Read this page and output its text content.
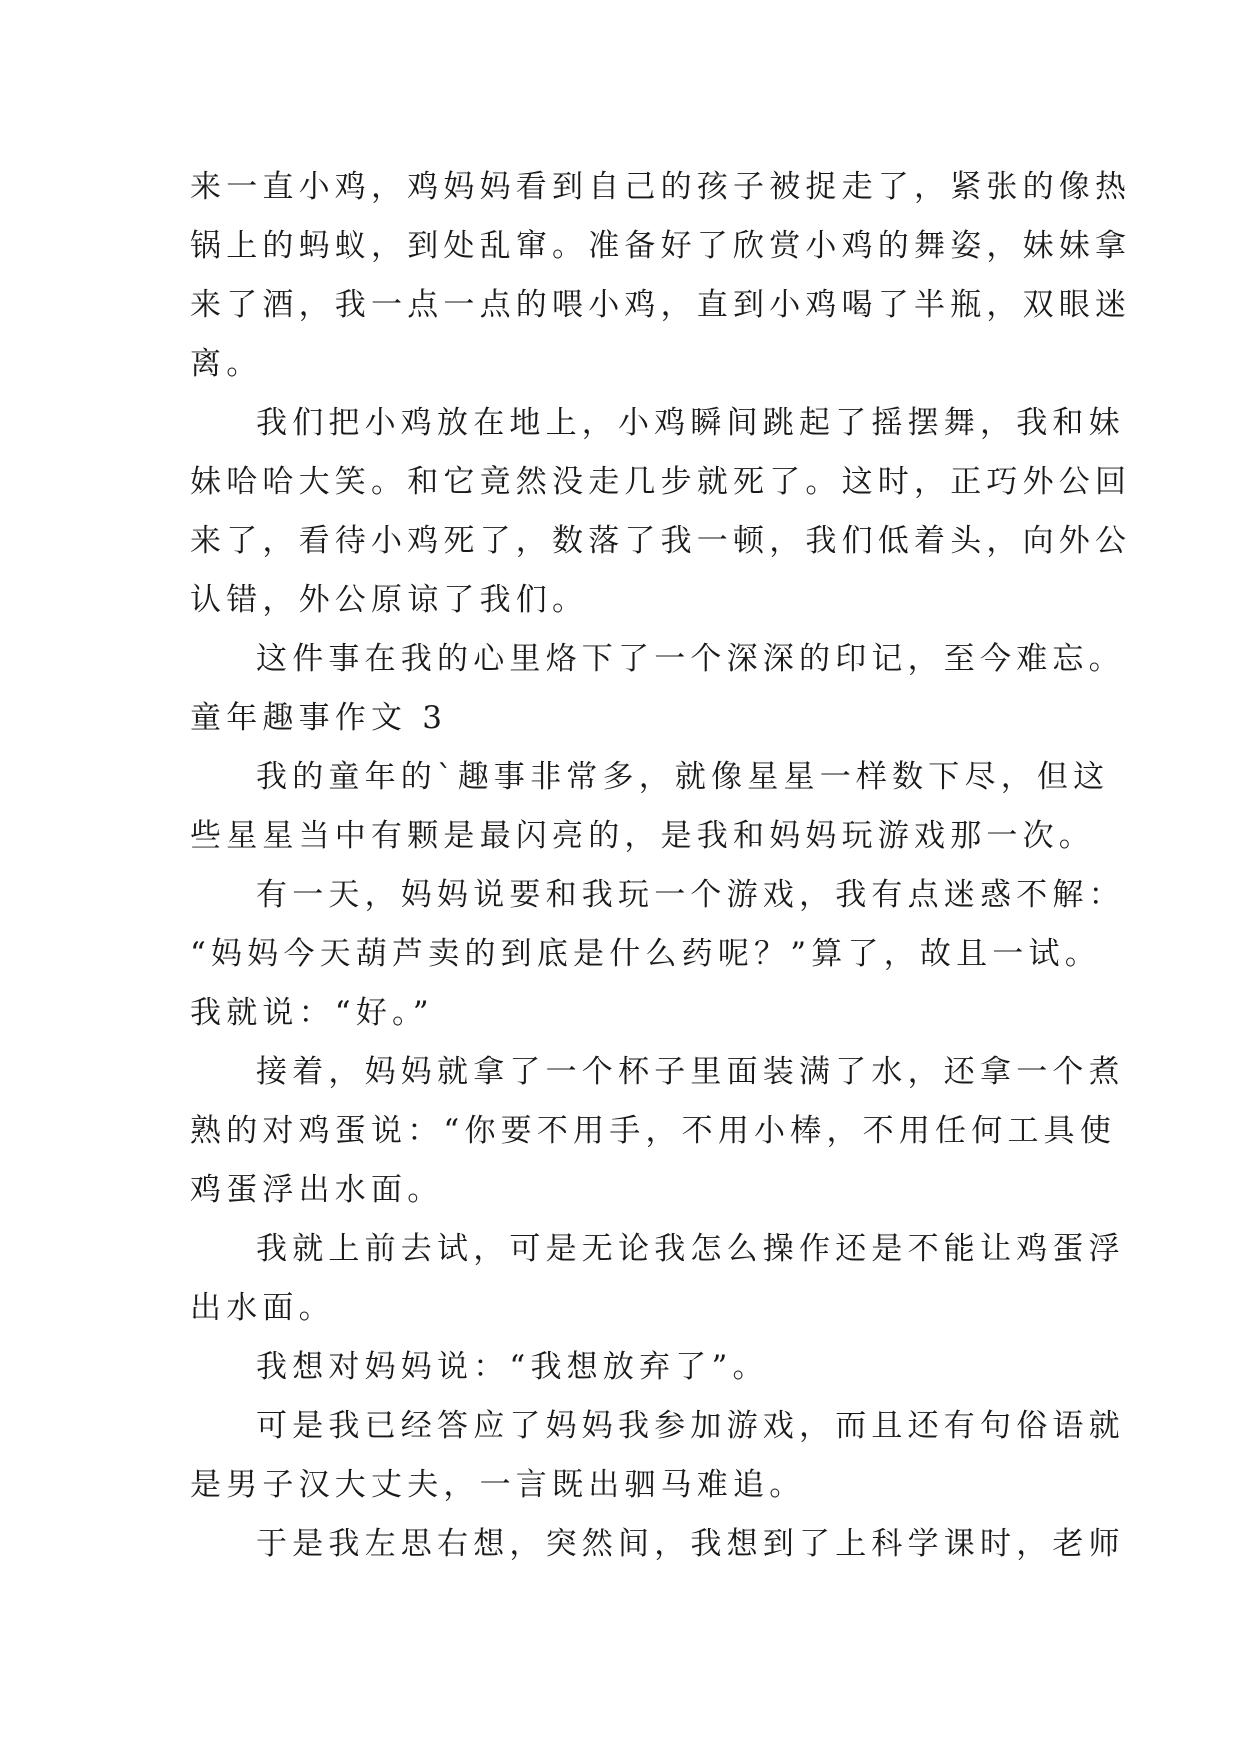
来一直小鸡，鸡妈妈看到自己的孩子被捉走了，紧张的像热
锅上的蚂蚁，到处乱窜。准备好了欣赏小鸡的舞姿，妹妹拿
来了酒，我一点一点的喂小鸡，直到小鸡喝了半瓶，双眼迷
离。
我们把小鸡放在地上，小鸡瞬间跳起了摇摆舞，我和妹
妹哈哈大笑。和它竟然没走几步就死了。这时，正巧外公回
来了，看待小鸡死了，数落了我一顿，我们低着头，向外公
认错，外公原谅了我们。
这件事在我的心里烙下了一个深深的印记，至今难忘。
童年趣事作文 3
我的童年的`趣事非常多，就像星星一样数下尽，但这
些星星当中有颗是最闪亮的，是我和妈妈玩游戏那一次。
有一天，妈妈说要和我玩一个游戏，我有点迷惑不解：
“妈妈今天葫芦卖的到底是什么药呢？”算了，故且一试。
我就说：“好。”
接着，妈妈就拿了一个杯子里面装满了水，还拿一个煮
熟的对鸡蛋说：“你要不用手，不用小棒，不用任何工具使
鸡蛋浮出水面。
我就上前去试，可是无论我怎么操作还是不能让鸡蛋浮
出水面。
我想对妈妈说：“我想放弃了”。
可是我已经答应了妈妈我参加游戏，而且还有句俗语就
是男子汉大丈夫，一言既出驷马难追。
于是我左思右想，突然间，我想到了上科学课时，老师
